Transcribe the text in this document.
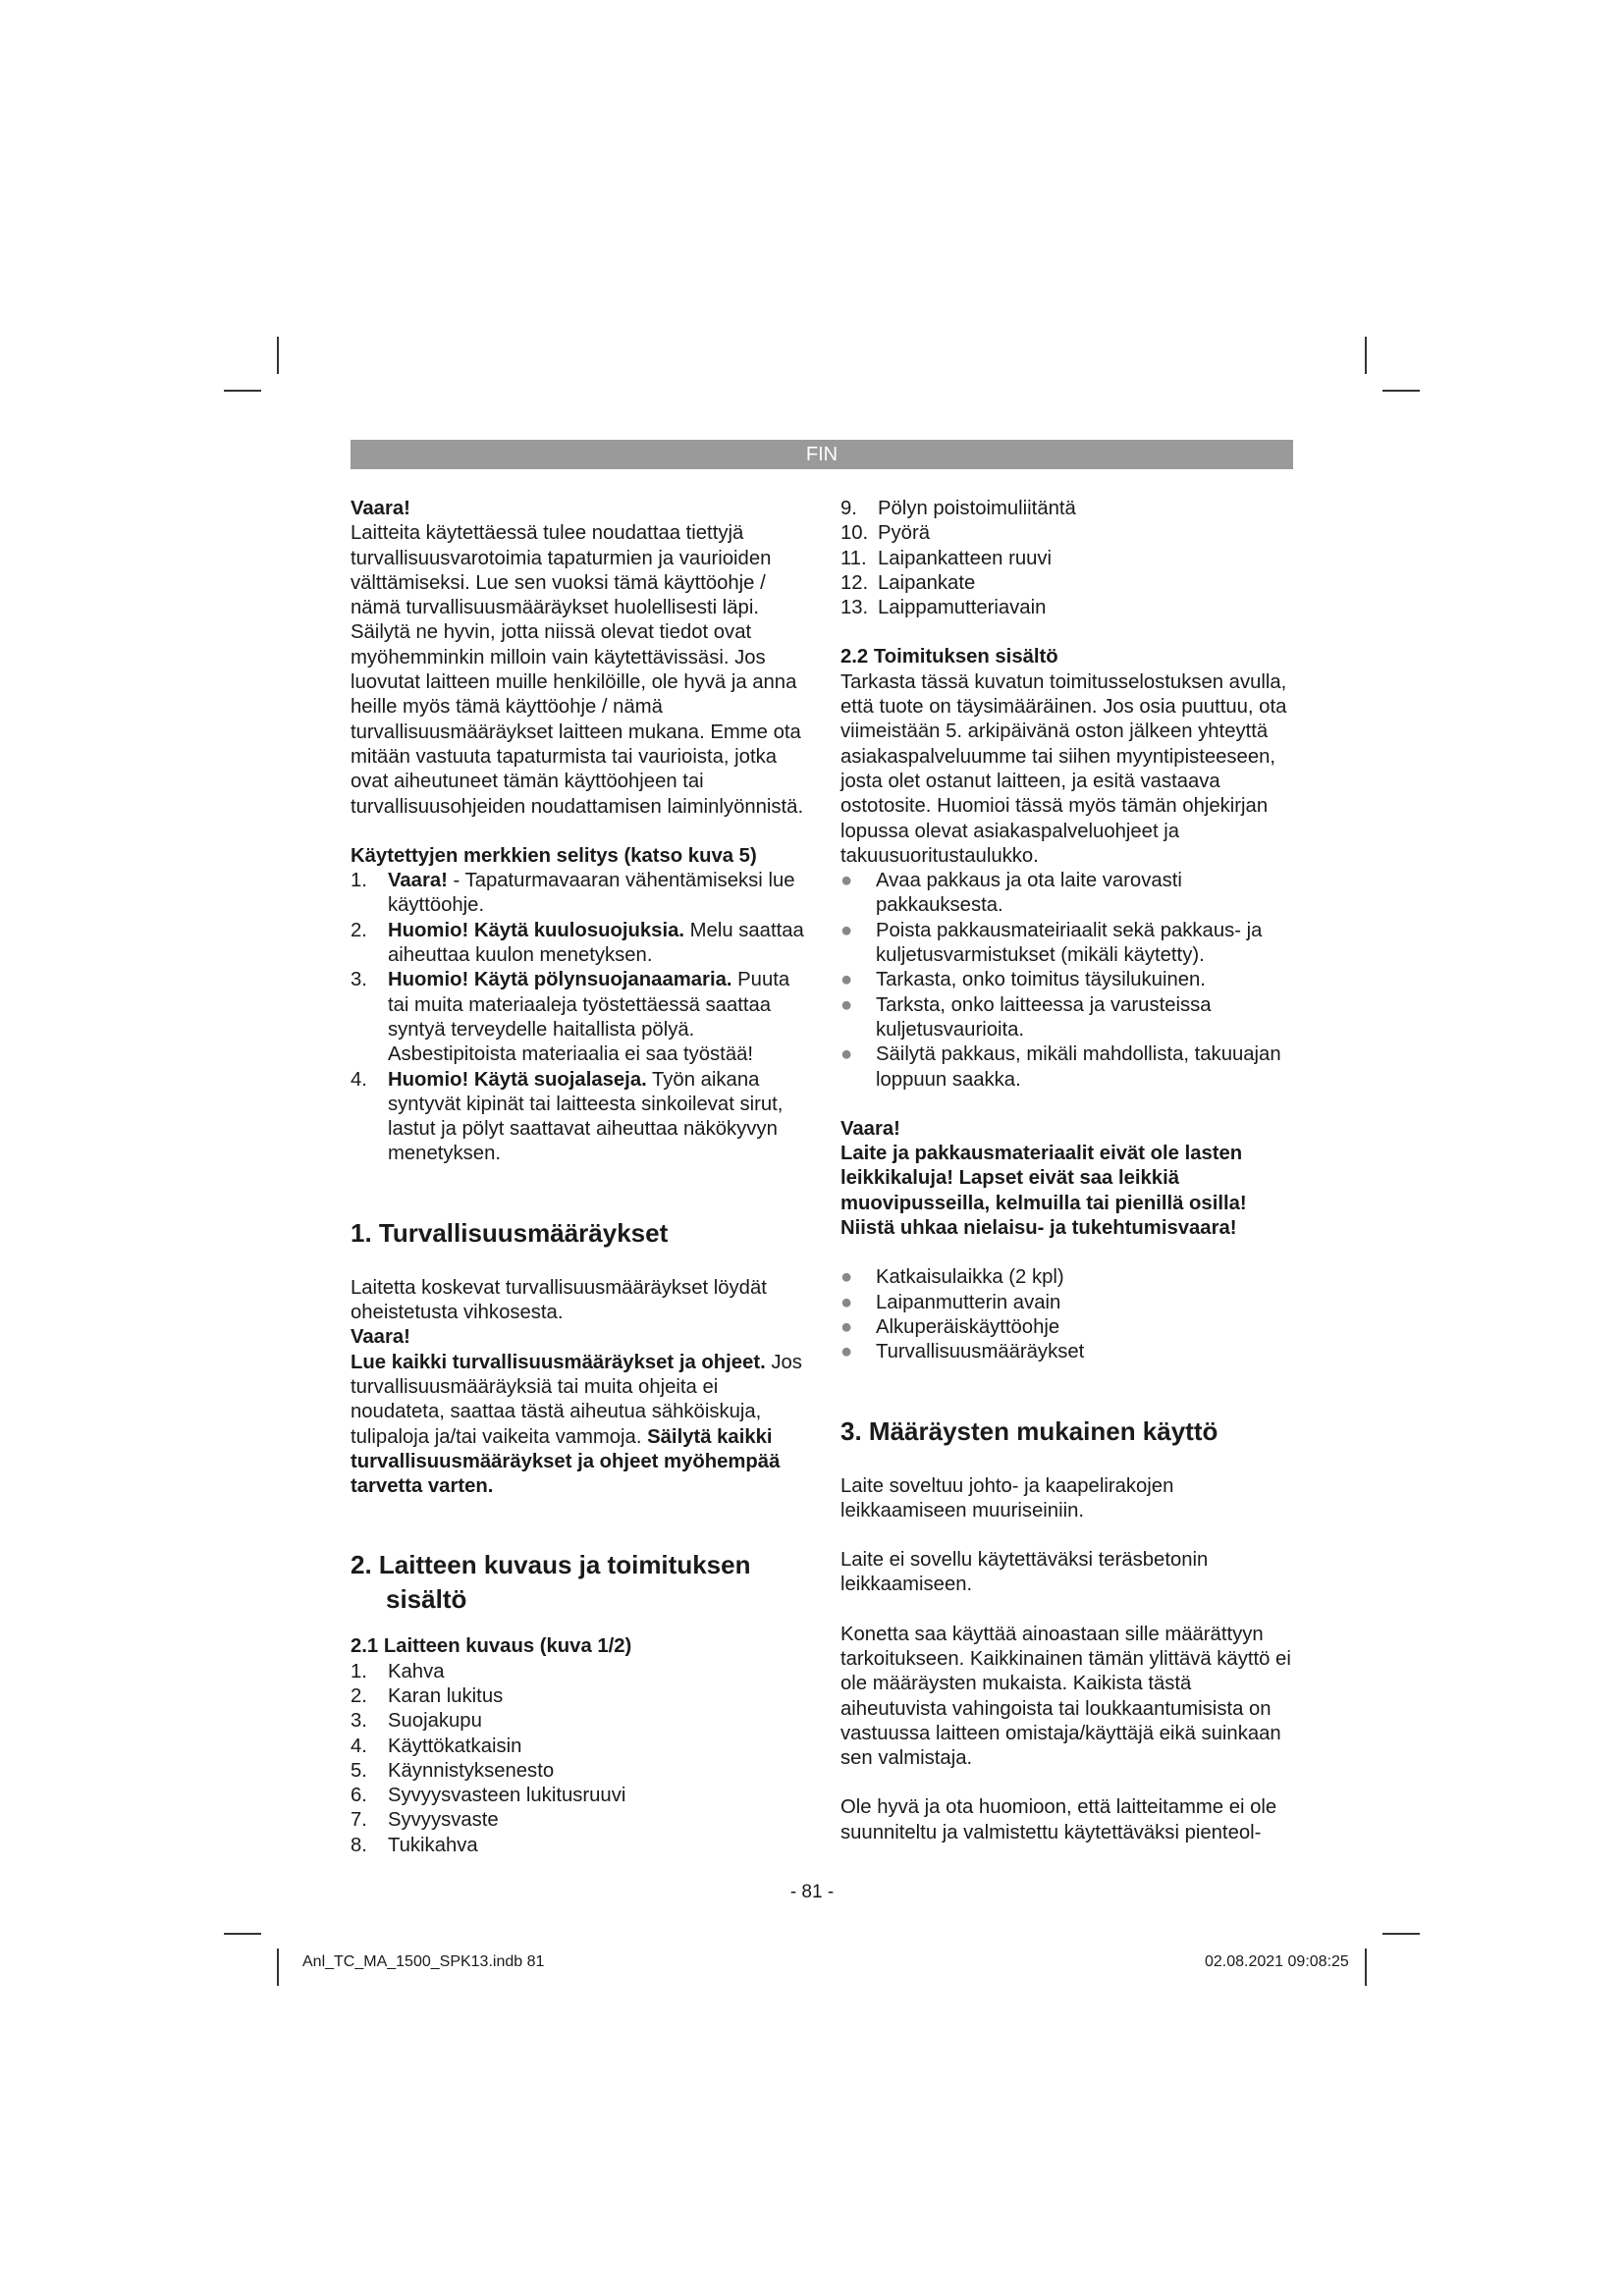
FIN

Vaara!

Laitteita käytettäessä tulee noudattaa tiettyjä turvallisuusvarotoimia tapaturmien ja vaurioiden välttämiseksi. Lue sen vuoksi tämä käyttöohje / nämä turvallisuusmääräykset huolellisesti läpi. Säilytä ne hyvin, jotta niissä olevat tiedot ovat myöhemminkin milloin vain käytettävissäsi. Jos luovutat laitteen muille henkilöille, ole hyvä ja anna heille myös tämä käyttöohje / nämä turvallisuusmääräykset laitteen mukana. Emme ota mitään vastuuta tapaturmista tai vaurioista, jotka ovat aiheutuneet tämän käyttöohjeen tai turvallisuusohjeiden noudattamisen laiminlyönnistä.

Käytettyjen merkkien selitys (katso kuva 5)

1.	Vaara! - Tapaturmavaaran vähentämiseksi lue käyttöohje.
2.	Huomio! Käytä kuulosuojuksia. Melu saattaa aiheuttaa kuulon menetyksen.
3.	Huomio! Käytä pölynsuojanaamaria. Puuta tai muita materiaaleja työstettäessä saattaa syntyä terveydelle haitallista pölyä. Asbestipitoista materiaalia ei saa työstää!
4.	Huomio! Käytä suojalaseja. Työn aikana syntyvät kipinät tai laitteesta sinkoilevat sirut, lastut ja pölyt saattavat aiheuttaa näkökyvyn menetyksen.

1. Turvallisuusmääräykset

Laitetta koskevat turvallisuusmääräykset löydät oheistetusta vihkosesta.

Vaara!

Lue kaikki turvallisuusmääräykset ja ohjeet. Jos turvallisuusmääräyksiä tai muita ohjeita ei noudateta, saattaa tästä aiheutua sähköiskuja, tulipaloja ja/tai vaikeita vammoja. Säilytä kaikki turvallisuusmääräykset ja ohjeet myöhempää tarvetta varten.

2. Laitteen kuvaus ja toimituksen

sisältö

2.1 Laitteen kuvaus (kuva 1/2)

1.	Kahva
2.	Karan lukitus
3.	Suojakupu
4.	Käyttökatkaisin
5.	Käynnistyksenesto
6.	Syvyysvasteen lukitusruuvi
7.	Syvyysvaste
8.	Tukikahva
9.	Pölyn poistoimuliitäntä
10. Pyörä
11. Laipankatteen ruuvi
12. Laipankate
13. Laippamutteriavain

2.2 Toimituksen sisältö

Tarkasta tässä kuvatun toimitusselostuksen avulla, että tuote on täysimääräinen. Jos osia puuttuu, ota viimeistään 5. arkipäivänä oston jälkeen yhteyttä asiakaspalveluumme tai siihen myyntipisteeseen, josta olet ostanut laitteen, ja esitä vastaava ostotosite. Huomioi tässä myös tämän ohjekirjan lopussa olevat asiakaspalveluohjeet ja takuusuoritustaulukko.

●	Avaa pakkaus ja ota laite varovasti pakkauksesta.
●	Poista pakkausmateiriaalit sekä pakkaus- ja kuljetusvarmistukset (mikäli käytetty).
●	Tarkasta, onko toimitus täysilukuinen.
●	Tarksta, onko laitteessa ja varusteissa kuljetusvaurioita.
●	Säilytä pakkaus, mikäli mahdollista, takuuajan loppuun saakka.

Vaara!

Laite ja pakkausmateriaalit eivät ole lasten leikkikaluja! Lapset eivät saa leikkiä muovipusseilla, kelmuilla tai pienillä osilla! Niistä uhkaa nielaisu- ja tukehtumisvaara!

●	Katkaisulaikka (2 kpl)
●	Laipanmutterin avain
●	Alkuperäiskäyttöohje
●	Turvallisuusmääräykset

3. Määräysten mukainen käyttö

Laite soveltuu johto- ja kaapelirakojen leikkaamiseen muuriseiniin.

Laite ei sovellu käytettäväksi teräsbetonin leikkaamiseen.

Konetta saa käyttää ainoastaan sille määrättyyn tarkoitukseen. Kaikkinainen tämän ylittävä käyttö ei ole määräysten mukaista. Kaikista tästä aiheutuvista vahingoista tai loukkaantumisista on vastuussa laitteen omistaja/käyttäjä eikä suinkaan sen valmistaja.

Ole hyvä ja ota huomioon, että laitteitamme ei ole suunniteltu ja valmistettu käytettäväksi pienteol-

- 81 -
Anl_TC_MA_1500_SPK13.indb 81	02.08.2021 09:08:25
